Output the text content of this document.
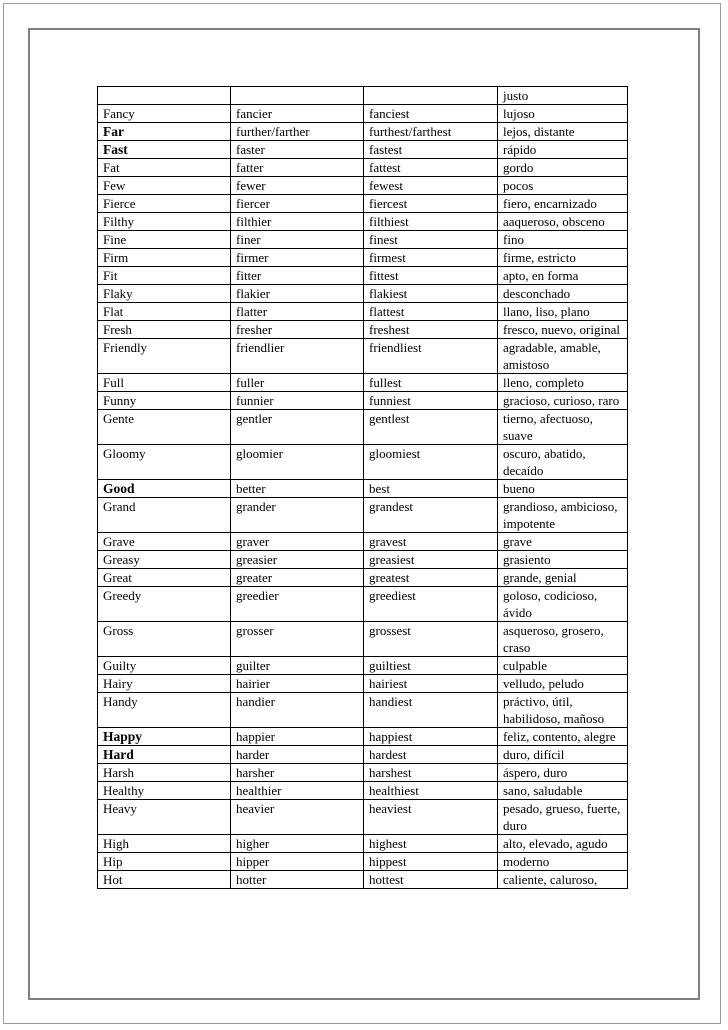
			justo
Fancy	fancier	fanciest	lujoso
Far	further/farther	furthest/farthest	lejos, distante
Fast	faster	fastest	rápido
Fat	fatter	fattest	gordo
Few	fewer	fewest	pocos
Fierce	fiercer	fiercest	fiero, encarnizado
Filthy	filthier	filthiest	aaqueroso, obsceno
Fine	finer	finest	fino
Firm	firmer	firmest	firme, estricto
Fit	fitter	fittest	apto, en forma
Flaky	flakier	flakiest	desconchado
Flat	flatter	flattest	llano, liso, plano
Fresh	fresher	freshest	fresco, nuevo, original
Friendly	friendlier	friendliest	agradable, amable, amistoso
Full	fuller	fullest	lleno, completo
Funny	funnier	funniest	gracioso, curioso, raro
Gente	gentler	gentlest	tierno, afectuoso, suave
Gloomy	gloomier	gloomiest	oscuro, abatido, decaído
Good	better	best	bueno
Grand	grander	grandest	grandioso, ambicioso, impotente
Grave	graver	gravest	grave
Greasy	greasier	greasiest	grasiento
Great	greater	greatest	grande, genial
Greedy	greedier	greediest	goloso, codicioso, ávido
Gross	grosser	grossest	asqueroso, grosero, craso
Guilty	guilter	guiltiest	culpable
Hairy	hairier	hairiest	velludo, peludo
Handy	handier	handiest	práctivo, útil, habilidoso, mañoso
Happy	happier	happiest	feliz, contento, alegre
Hard	harder	hardest	duro, difícil
Harsh	harsher	harshest	áspero, duro
Healthy	healthier	healthiest	sano, saludable
Heavy	heavier	heaviest	pesado, grueso, fuerte, duro
High	higher	highest	alto, elevado, agudo
Hip	hipper	hippest	moderno
Hot	hotter	hottest	caliente, caluroso,
